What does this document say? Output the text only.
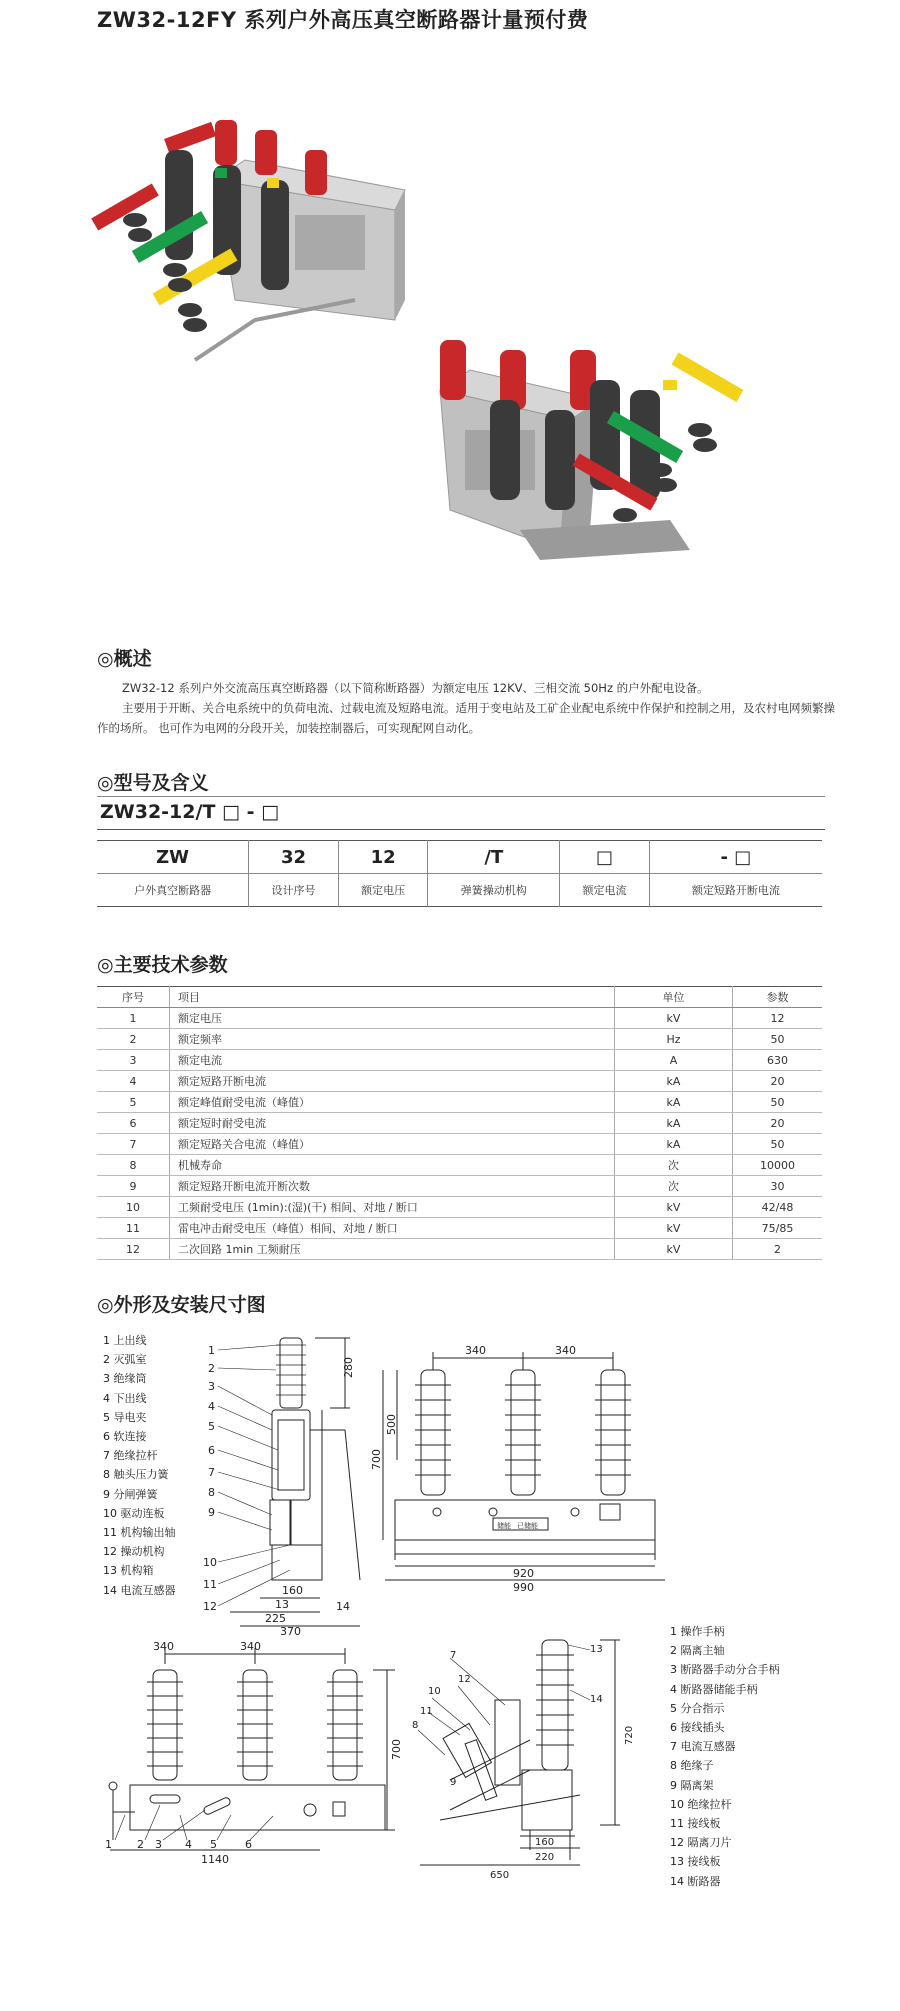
ZW32-12FY 系列户外高压真空断路器计量预付费
◎概述

ZW32-12 系列户外交流高压真空断路器（以下简称断路器）为额定电压 12KV、三相交流 50Hz 的户外配电设备。

主要用于开断、关合电系统中的负荷电流、过载电流及短路电流。适用于变电站及工矿企业配电系统中作保护和控制之用，及农村电网频繁操作的场所。 也可作为电网的分段开关，加装控制器后，可实现配网自动化。

◎型号及含义
ZW32-12/T □ - □
ZW	32	12	/T	□	- □
户外真空断路器	设计序号	额定电压	弹簧操动机构	额定电流	额定短路开断电流
◎主要技术参数
序号	项目	单位	参数
1	额定电压	kV	12
2	额定频率	Hz	50
3	额定电流	A	630
4	额定短路开断电流	kA	20
5	额定峰值耐受电流（峰值）	kA	50
6	额定短时耐受电流	kA	20
7	额定短路关合电流（峰值）	kA	50
8	机械寿命	次	10000
9	额定短路开断电流开断次数	次	30
10	工频耐受电压 (1min):(湿)(干) 相间、对地 / 断口	kV	42/48
11	雷电冲击耐受电压（峰值）相间、对地 / 断口	kV	75/85
12	二次回路 1min 工频耐压	kV	2
◎外形及安装尺寸图
1 上出线
2 灭弧室
3 绝缘筒
4 下出线
5 导电夹
6 软连接
7 绝缘拉杆
8 触头压力簧
9 分闸弹簧
10 驱动连板
11 机构输出轴
12 操动机构
13 机构箱
14 电流互感器
1 操作手柄
2 隔离主轴
3 断路器手动分合手柄
4 断路器储能手柄
5 分合指示
6 接线插头
7 电流互感器
8 绝缘子
9 隔离架
10 绝缘拉杆
11 接线板
12 隔离刀片
13 接线板
14 断路器
1
2
3
4
5
6
7
8
9
10
11
12
280
160
13
225
370
14
340	340
500
700
920
990
储能 已储能
340	340
700
1140
1 2 3 4 5	6
7
8
9
10
11
12
13
14
720
160
220
650
